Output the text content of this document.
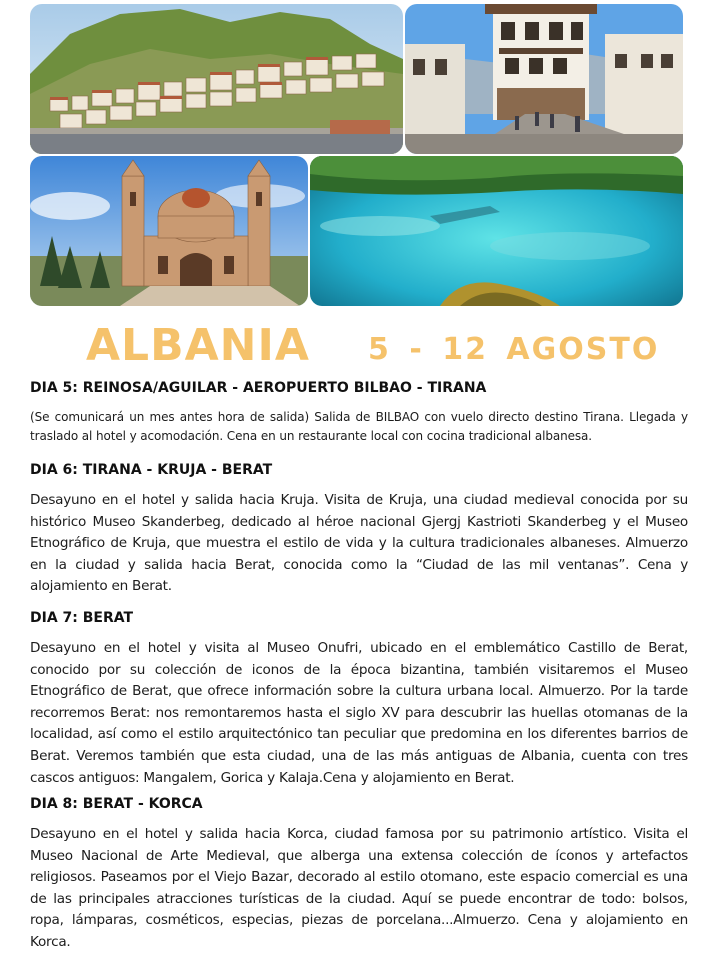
ALBANIA 5 - 12 AGOSTO
DIA 5: REINOSA/AGUILAR - AEROPUERTO BILBAO - TIRANA

(Se comunicará un mes antes hora de salida) Salida de BILBAO con vuelo directo destino Tirana. Llegada y traslado al hotel y acomodación. Cena en un restaurante local con cocina tradicional albanesa.

DIA 6: TIRANA - KRUJA - BERAT

Desayuno en el hotel y salida hacia Kruja. Visita de Kruja, una ciudad medieval conocida por su histórico Museo Skanderbeg, dedicado al héroe nacional Gjergj Kastrioti Skanderbeg y el Museo Etnográfico de Kruja, que muestra el estilo de vida y la cultura tradicionales albaneses. Almuerzo en la ciudad y salida hacia Berat, conocida como la “Ciudad de las mil ventanas”. Cena y alojamiento en Berat.

DIA 7: BERAT

Desayuno en el hotel y visita al Museo Onufri, ubicado en el emblemático Castillo de Berat, conocido por su colección de iconos de la época bizantina, también visitaremos el Museo Etnográfico de Berat, que ofrece información sobre la cultura urbana local. Almuerzo. Por la tarde recorremos Berat: nos remontaremos hasta el siglo XV para descubrir las huellas otomanas de la localidad, así como el estilo arquitectónico tan peculiar que predomina en los diferentes barrios de Berat. Veremos también que esta ciudad, una de las más antiguas de Albania, cuenta con tres cascos antiguos: Mangalem, Gorica y Kalaja.Cena y alojamiento en Berat.

DIA 8: BERAT - KORCA

Desayuno en el hotel y salida hacia Korca, ciudad famosa por su patrimonio artístico. Visita el Museo Nacional de Arte Medieval, que alberga una extensa colección de íconos y artefactos religiosos. Paseamos por el Viejo Bazar, decorado al estilo otomano, este espacio comercial es una de las principales atracciones turísticas de la ciudad. Aquí se puede encontrar de todo: bolsos, ropa, lámparas, cosméticos, especias, piezas de porcelana...Almuerzo. Cena y alojamiento en Korca.
